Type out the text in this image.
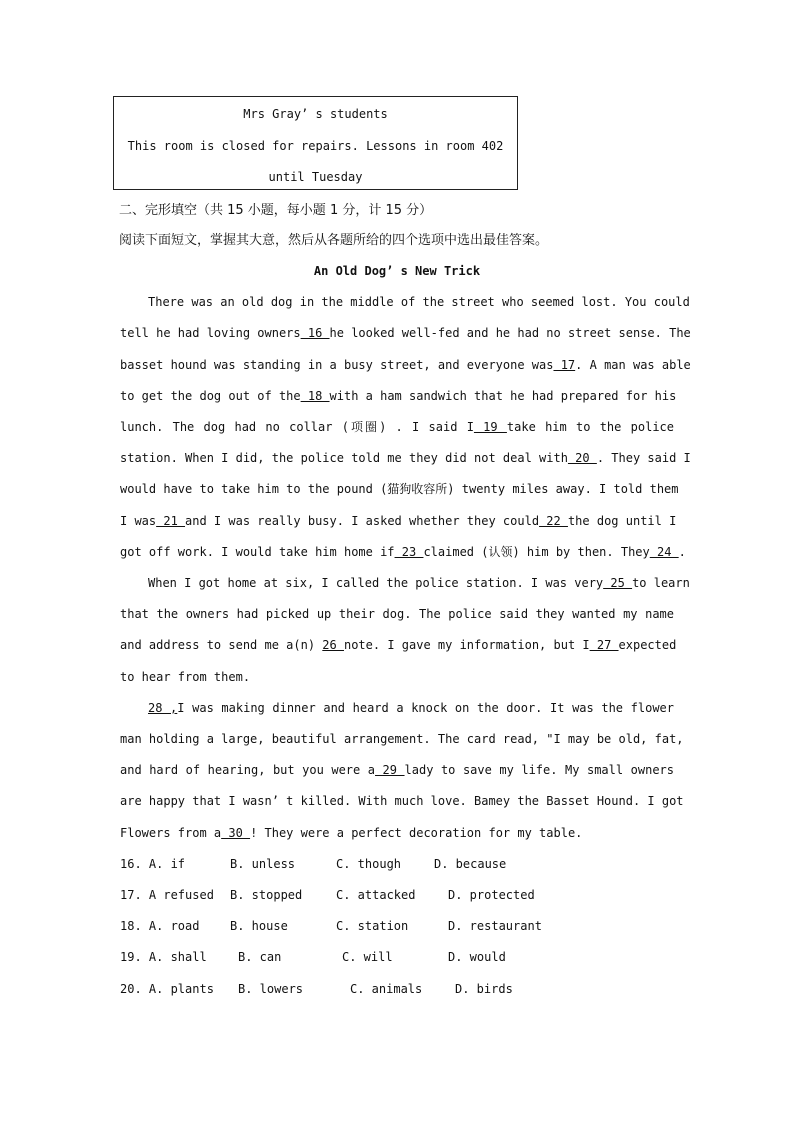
Mrs Gray’ s students
This room is closed for repairs. Lessons in room 402
until Tuesday
二、完形填空（共 15 小题，每小题 1 分，计 15 分）
阅读下面短文，掌握其大意，然后从各题所给的四个选项中选出最佳答案。
An Old Dog’ s New Trick
There was an old dog in the middle of the street who seemed lost. You could
tell he had loving owners 16 he looked well-fed and he had no street sense. The
basset hound was standing in a busy street, and everyone was 17. A man was able
to get the dog out of the 18 with a ham sandwich that he had prepared for his
lunch. The dog had no collar (项圈) . I said I 19 take him to the police
station. When I did, the police told me they did not deal with 20 . They said I
would have to take him to the pound (猫狗收容所) twenty miles away. I told them
I was 21 and I was really busy. I asked whether they could 22 the dog until I
got off work. I would take him home if 23 claimed (认领) him by then. They 24 .
When I got home at six, I called the police station. I was very 25 to learn
that the owners had picked up their dog. The police said they wanted my name
and address to send me a(n) 26 note. I gave my information, but I 27 expected
to hear from them.
28 ,I was making dinner and heard a knock on the door. It was the flower
man holding a large, beautiful arrangement. The card read, "I may be old, fat,
and hard of hearing, but you were a 29 lady to save my life. My small owners
are happy that I wasn’ t killed. With much love. Bamey the Basset Hound. I got
Flowers from a 30 ! They were a perfect decoration for my table.
16. A. if	B. unless	C. though	D. because
17. A refused B. stopped	C. attacked	D. protected
18. A. road	B. house	C. station	D. restaurant
19. A. shall	B. can	C. will	D. would
20. A. plants B. lowers	C. animals	D. birds
